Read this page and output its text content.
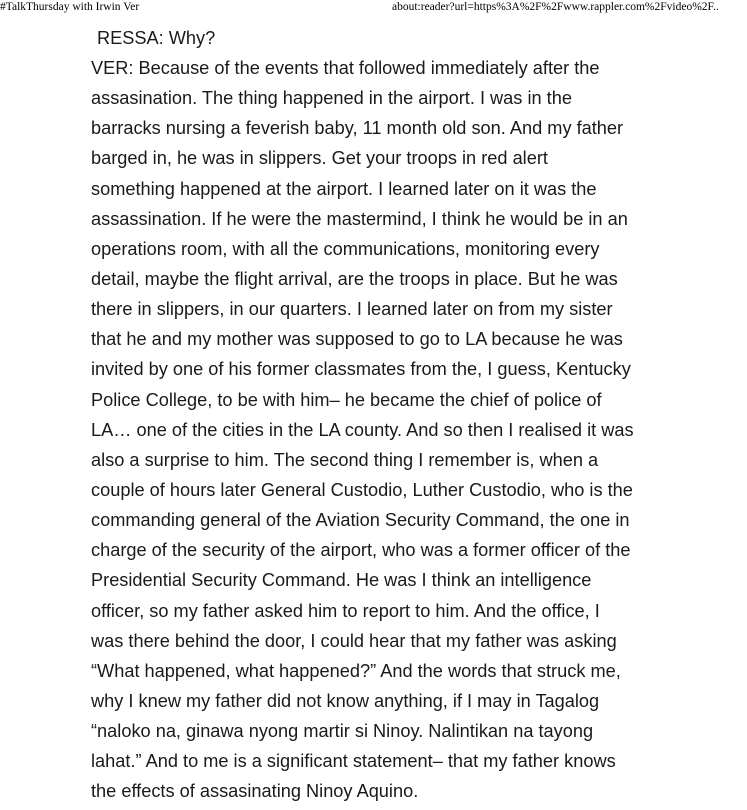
#TalkThursday with Irwin Ver	about:reader?url=https%3A%2F%2Fwww.rappler.com%2Fvideo%2F..
RESSA: Why?
VER: Because of the events that followed immediately after the
assasination. The thing happened in the airport. I was in the
barracks nursing a feverish baby, 11 month old son. And my father
barged in, he was in slippers. Get your troops in red alert
something happened at the airport. I learned later on it was the
assassination. If he were the mastermind, I think he would be in an
operations room, with all the communications, monitoring every
detail, maybe the flight arrival, are the troops in place. But he was
there in slippers, in our quarters. I learned later on from my sister
that he and my mother was supposed to go to LA because he was
invited by one of his former classmates from the, I guess, Kentucky
Police College, to be with him– he became the chief of police of
LA… one of the cities in the LA county. And so then I realised it was
also a surprise to him. The second thing I remember is, when a
couple of hours later General Custodio, Luther Custodio, who is the
commanding general of the Aviation Security Command, the one in
charge of the security of the airport, who was a former officer of the
Presidential Security Command. He was I think an intelligence
officer, so my father asked him to report to him. And the office, I
was there behind the door, I could hear that my father was asking
“What happened, what happened?” And the words that struck me,
why I knew my father did not know anything, if I may in Tagalog
“naloko na, ginawa nyong martir si Ninoy. Nalintikan na tayong
lahat.” And to me is a significant statement– that my father knows
the effects of assasinating Ninoy Aquino.
